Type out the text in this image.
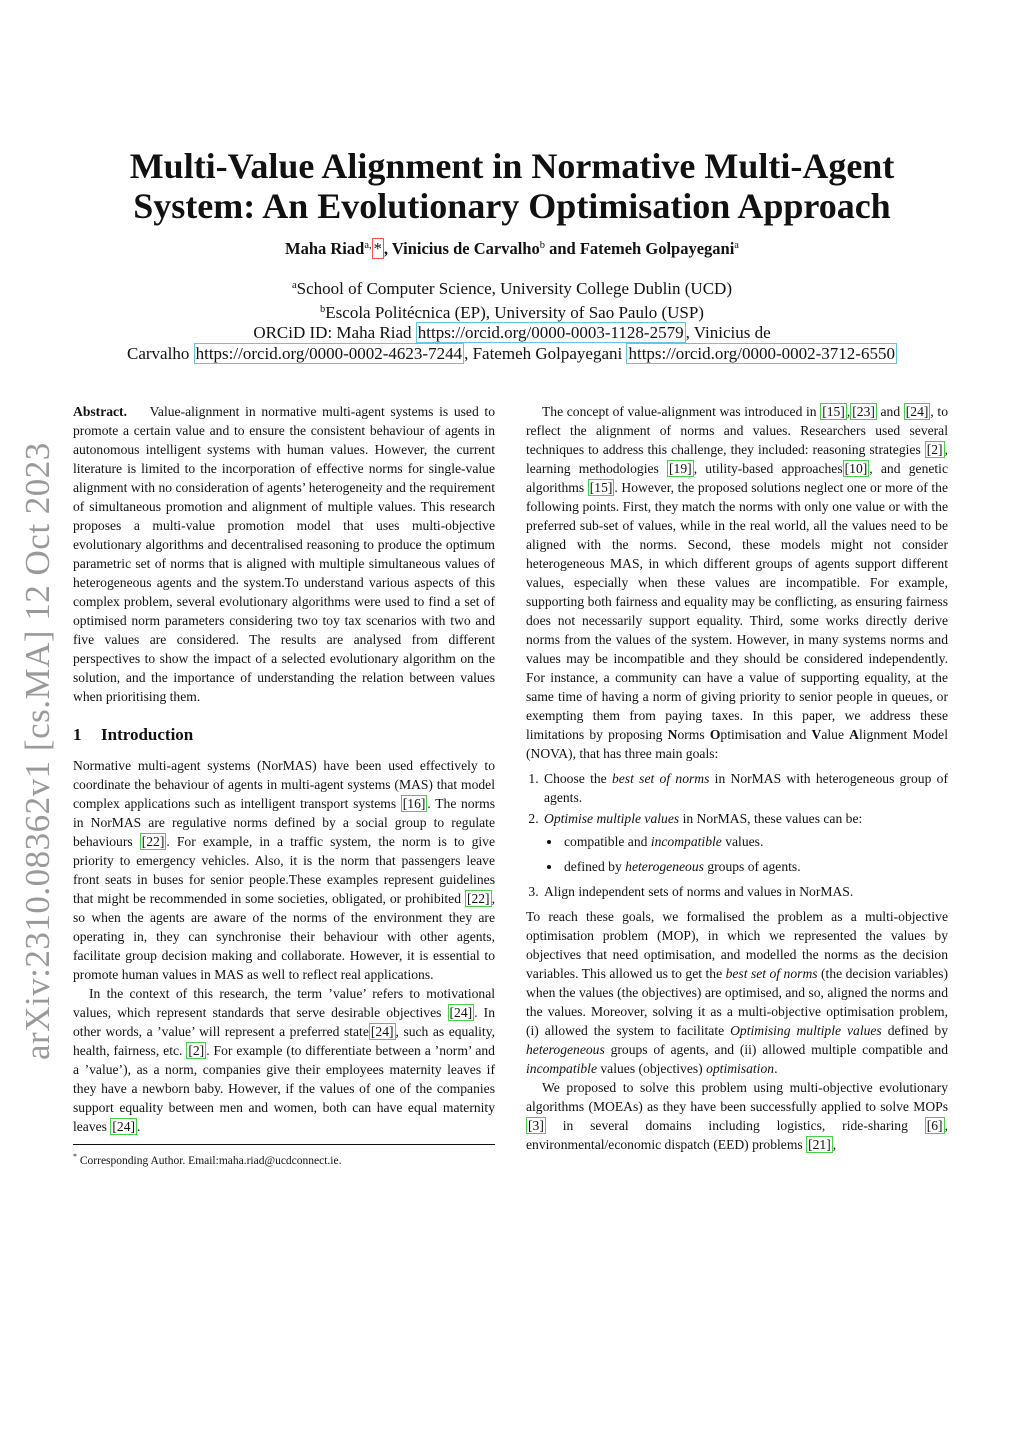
arXiv:2310.08362v1 [cs.MA] 12 Oct 2023
Multi-Value Alignment in Normative Multi-Agent
System: An Evolutionary Optimisation Approach
Maha Riad$^{a,}$ * , Vinicius de Carvalho$^b$ and Fatemeh Golpayegani$^a$
$^a$School of Computer Science, University College Dublin (UCD)
$^b$Escola Politécnica (EP), University of Sao Paulo (USP)
ORCiD ID: Maha Riad https://orcid.org/0000-0003-1128-2579 , Vinicius de
Carvalho https://orcid.org/0000-0002-4623-7244 , Fatemeh Golpayegani https://orcid.org/0000-0002-3712-6550

Abstract. Value-alignment in normative multi-agent systems is used to promote a certain value and to ensure the consistent behaviour of agents in autonomous intelligent systems with human values. However, the current literature is limited to the incorporation of effective norms for single-value alignment with no consideration of agents’ heterogeneity and the requirement of simultaneous promotion and alignment of multiple values. This research proposes a multi-value promotion model that uses multi-objective evolutionary algorithms and decentralised reasoning to produce the optimum parametric set of norms that is aligned with multiple simultaneous values of heterogeneous agents and the system.To understand various aspects of this complex problem, several evolutionary algorithms were used to find a set of optimised norm parameters considering two toy tax scenarios with two and five values are considered. The results are analysed from different perspectives to show the impact of a selected evolutionary algorithm on the solution, and the importance of understanding the relation between values when prioritising them.

1 Introduction

Normative multi-agent systems (NorMAS) have been used effectively to coordinate the behaviour of agents in multi-agent systems (MAS) that model complex applications such as intelligent transport systems [16] . The norms in NorMAS are regulative norms defined by a social group to regulate behaviours [22] . For example, in a traffic system, the norm is to give priority to emergency vehicles. Also, it is the norm that passengers leave front seats in buses for senior people.These examples represent guidelines that might be recommended in some societies, obligated, or prohibited [22] , so when the agents are aware of the norms of the environment they are operating in, they can synchronise their behaviour with other agents, facilitate group decision making and collaborate. However, it is essential to promote human values in MAS as well to reflect real applications.

In the context of this research, the term ’value’ refers to motivational values, which represent standards that serve desirable objectives [24] . In other words, a ’value’ will represent a preferred state [24] , such as equality, health, fairness, etc. [2] . For example (to differentiate between a ’norm’ and a ’value’), as a norm, companies give their employees maternity leaves if they have a newborn baby. However, if the values of one of the companies support equality between men and women, both can have equal maternity leaves [24] .

* Corresponding Author. Email:maha.riad@ucdconnect.ie.

The concept of value-alignment was introduced in [15] , [23] and [24] , to reflect the alignment of norms and values. Researchers used several techniques to address this challenge, they included: reasoning strategies [2] , learning methodologies [19] , utility-based approaches [10] , and genetic algorithms [15] . However, the proposed solutions neglect one or more of the following points. First, they match the norms with only one value or with the preferred sub-set of values, while in the real world, all the values need to be aligned with the norms. Second, these models might not consider heterogeneous MAS, in which different groups of agents support different values, especially when these values are incompatible. For example, supporting both fairness and equality may be conflicting, as ensuring fairness does not necessarily support equality. Third, some works directly derive norms from the values of the system. However, in many systems norms and values may be incompatible and they should be considered independently. For instance, a community can have a value of supporting equality, at the same time of having a norm of giving priority to senior people in queues, or exempting them from paying taxes. In this paper, we address these limitations by proposing Norms Optimisation and Value Alignment Model (NOVA), that has three main goals:

1. Choose the best set of norms in NorMAS with heterogeneous group of agents.
2. Optimise multiple values in NorMAS, these values can be:
• compatible and incompatible values.
• defined by heterogeneous groups of agents.
3. Align independent sets of norms and values in NorMAS.

To reach these goals, we formalised the problem as a multi-objective optimisation problem (MOP), in which we represented the values by objectives that need optimisation, and modelled the norms as the decision variables. This allowed us to get the best set of norms (the decision variables) when the values (the objectives) are optimised, and so, aligned the norms and the values. Moreover, solving it as a multi-objective optimisation problem, (i) allowed the system to facilitate Optimising multiple values defined by heterogeneous groups of agents, and (ii) allowed multiple compatible and incompatible values (objectives) optimisation.

We proposed to solve this problem using multi-objective evolutionary algorithms (MOEAs) as they have been successfully applied to solve MOPs [3] in several domains including logistics, ride-sharing [6] , environmental/economic dispatch (EED) problems [21] ,
